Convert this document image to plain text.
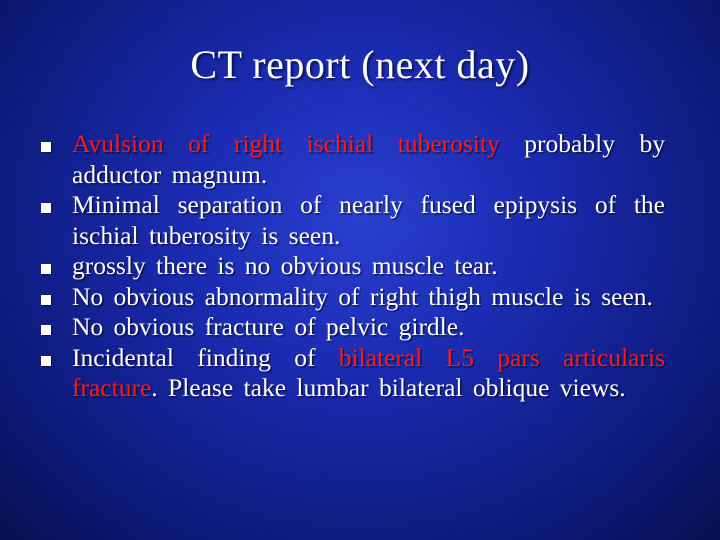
CT report (next day)
Avulsion of right ischial tuberosity probably by adductor magnum.
Minimal separation of nearly fused epipysis of the ischial tuberosity is seen.
grossly there is no obvious muscle tear.
No obvious abnormality of right thigh muscle is seen.
No obvious fracture of pelvic girdle.
Incidental finding of bilateral L5 pars articularis fracture. Please take lumbar bilateral oblique views.
